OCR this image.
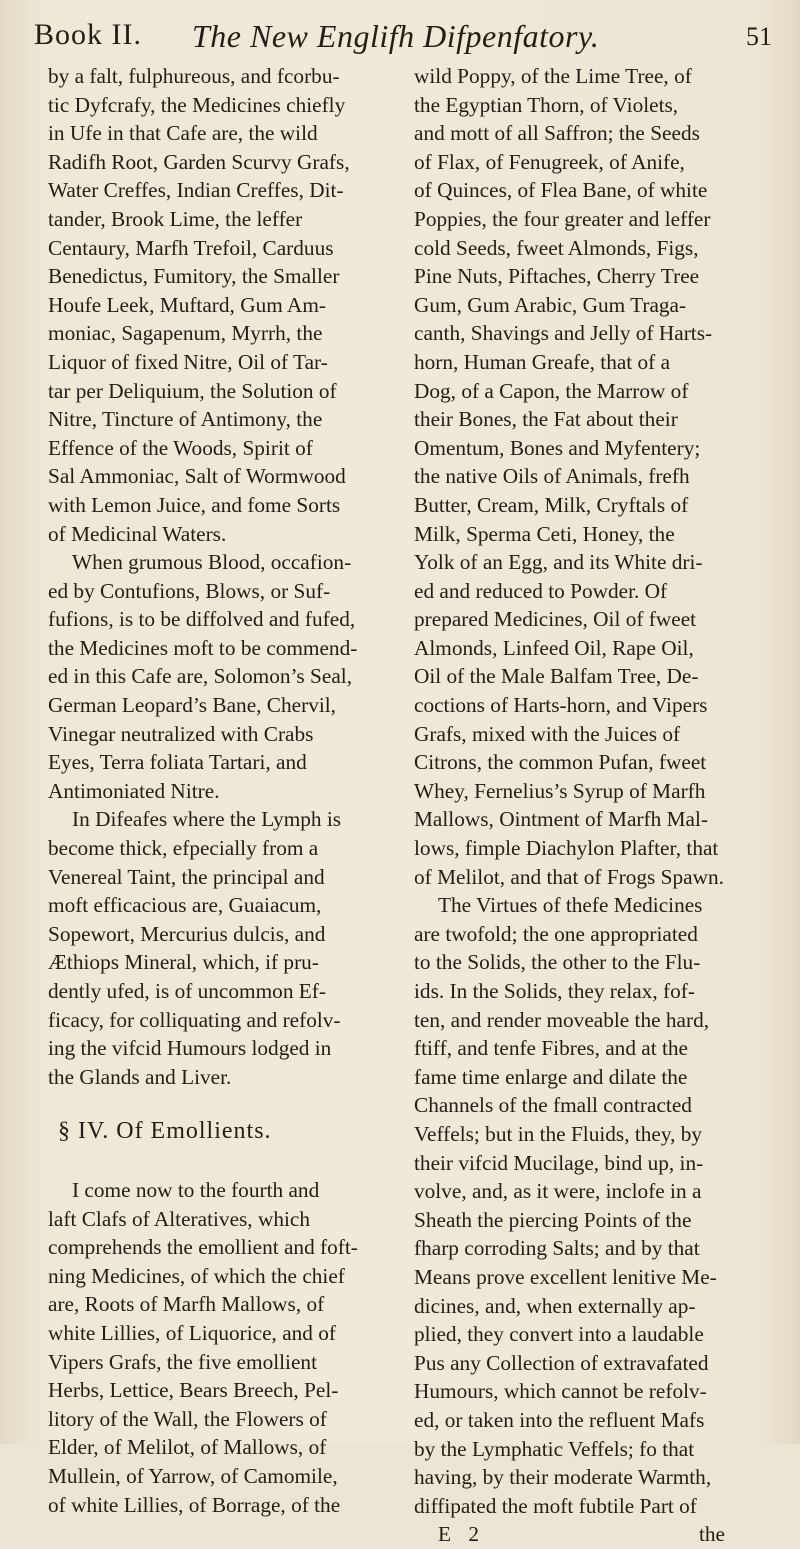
Book II. The New Englifh Difpenfatory.	51
by a falt, fulphureous, and fcorbu-
tic Dyfcrafy, the Medicines chiefly
in Ufe in that Cafe are, the wild
Radifh Root, Garden Scurvy Grafs,
Water Creffes, Indian Creffes, Dit-
tander, Brook Lime, the leffer
Centaury, Marfh Trefoil, Carduus
Benedictus, Fumitory, the Smaller
Houfe Leek, Muftard, Gum Am-
moniac, Sagapenum, Myrrh, the
Liquor of fixed Nitre, Oil of Tar-
tar per Deliquium, the Solution of
Nitre, Tincture of Antimony, the
Effence of the Woods, Spirit of
Sal Ammoniac, Salt of Wormwood
with Lemon Juice, and fome Sorts
of Medicinal Waters.
When grumous Blood, occafion-
ed by Contufions, Blows, or Suf-
fufions, is to be diffolved and fufed,
the Medicines moft to be commend-
ed in this Cafe are, Solomon’s Seal,
German Leopard’s Bane, Chervil,
Vinegar neutralized with Crabs
Eyes, Terra foliata Tartari, and
Antimoniated Nitre.
In Difeafes where the Lymph is
become thick, efpecially from a
Venereal Taint, the principal and
moft efficacious are, Guaiacum,
Sopewort, Mercurius dulcis, and
Æthiops Mineral, which, if pru-
dently ufed, is of uncommon Ef-
ficacy, for colliquating and refolv-
ing the vifcid Humours lodged in
the Glands and Liver.
§ IV. Of Emollients.
I come now to the fourth and
laft Clafs of Alteratives, which
comprehends the emollient and foft-
ning Medicines, of which the chief
are, Roots of Marfh Mallows, of
white Lillies, of Liquorice, and of
Vipers Grafs, the five emollient
Herbs, Lettice, Bears Breech, Pel-
litory of the Wall, the Flowers of
Elder, of Melilot, of Mallows, of
Mullein, of Yarrow, of Camomile,
of white Lillies, of Borrage, of the
wild Poppy, of the Lime Tree, of
the Egyptian Thorn, of Violets,
and mott of all Saffron; the Seeds
of Flax, of Fenugreek, of Anife,
of Quinces, of Flea Bane, of white
Poppies, the four greater and leffer
cold Seeds, fweet Almonds, Figs,
Pine Nuts, Piftaches, Cherry Tree
Gum, Gum Arabic, Gum Traga-
canth, Shavings and Jelly of Harts-
horn, Human Greafe, that of a
Dog, of a Capon, the Marrow of
their Bones, the Fat about their
Omentum, Bones and Myfentery;
the native Oils of Animals, frefh
Butter, Cream, Milk, Cryftals of
Milk, Sperma Ceti, Honey, the
Yolk of an Egg, and its White dri-
ed and reduced to Powder. Of
prepared Medicines, Oil of fweet
Almonds, Linfeed Oil, Rape Oil,
Oil of the Male Balfam Tree, De-
coctions of Harts-horn, and Vipers
Grafs, mixed with the Juices of
Citrons, the common Pufan, fweet
Whey, Fernelius’s Syrup of Marfh
Mallows, Ointment of Marfh Mal-
lows, fimple Diachylon Plafter, that
of Melilot, and that of Frogs Spawn.
The Virtues of thefe Medicines
are twofold; the one appropriated
to the Solids, the other to the Flu-
ids. In the Solids, they relax, fof-
ten, and render moveable the hard,
ftiff, and tenfe Fibres, and at the
fame time enlarge and dilate the
Channels of the fmall contracted
Veffels; but in the Fluids, they, by
their vifcid Mucilage, bind up, in-
volve, and, as it were, inclofe in a
Sheath the piercing Points of the
fharp corroding Salts; and by that
Means prove excellent lenitive Me-
dicines, and, when externally ap-
plied, they convert into a laudable
Pus any Collection of extravafated
Humours, which cannot be refolv-
ed, or taken into the refluent Mafs
by the Lymphatic Veffels; fo that
having, by their moderate Warmth,
diffipated the moft fubtile Part of
E 2	the
